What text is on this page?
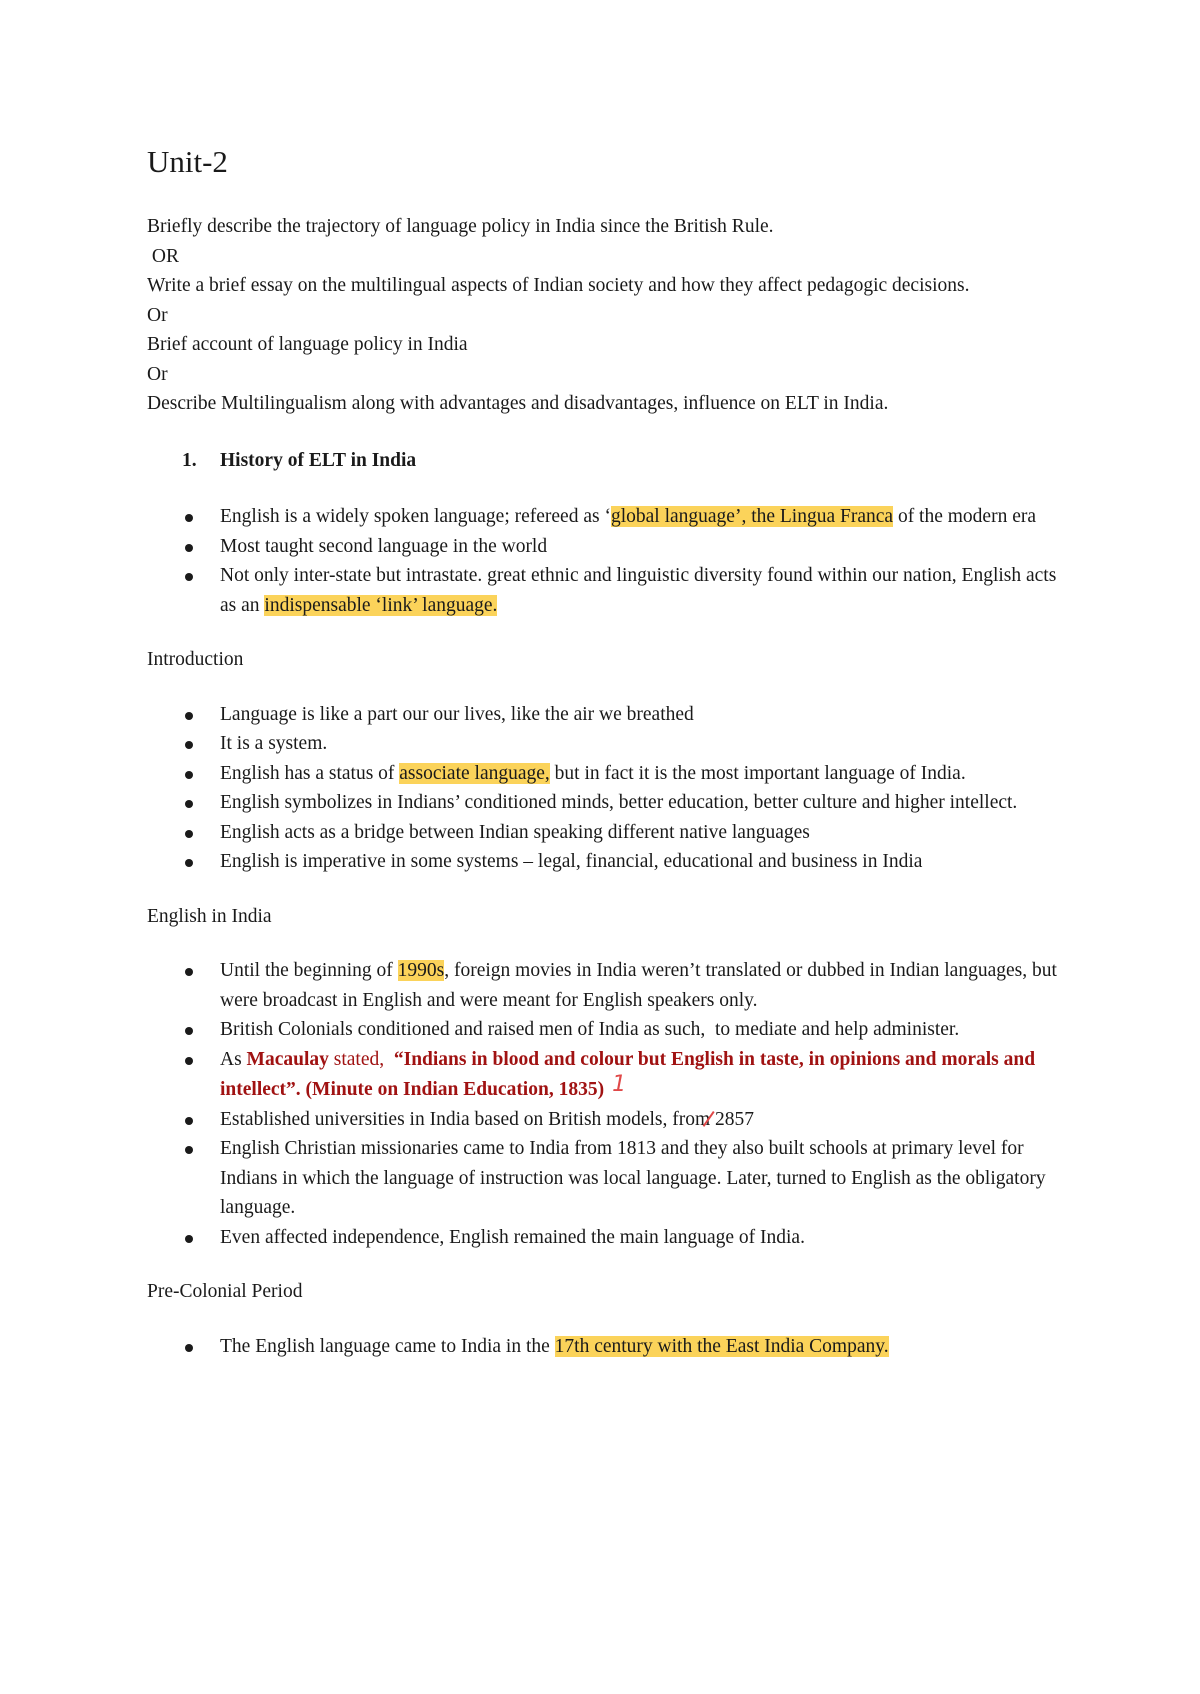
Unit-2

Briefly describe the trajectory of language policy in India since the British Rule.

OR

Write a brief essay on the multilingual aspects of Indian society and how they affect pedagogic decisions.

Or

Brief account of language policy in India

Or

Describe Multilingualism along with advantages and disadvantages, influence on ELT in India.

1.	History of ELT in India
English is a widely spoken language; refereed as ‘global language’, the Lingua Franca of the modern era
Most taught second language in the world
Not only inter-state but intrastate. great ethnic and linguistic diversity found within our nation, English acts as an indispensable ‘link’ language.

Introduction

Language is like a part our our lives, like the air we breathed
It is a system.
English has a status of associate language, but in fact it is the most important language of India.
English symbolizes in Indians’ conditioned minds, better education, better culture and higher intellect.
English acts as a bridge between Indian speaking different native languages
English is imperative in some systems – legal, financial, educational and business in India

English in India

Until the beginning of 1990s, foreign movies in India weren’t translated or dubbed in Indian languages, but were broadcast in English and were meant for English speakers only.
British Colonials conditioned and raised men of India as such,  to mediate and help administer.
As Macaulay stated,  “Indians in blood and colour but English in taste, in opinions and morals and intellect”. (Minute on Indian Education, 1835) 1
Established universities in India based on British models, from 2857
English Christian missionaries came to India from 1813 and they also built schools at primary level for Indians in which the language of instruction was local language. Later, turned to English as the obligatory language.
Even affected independence, English remained the main language of India.

Pre-Colonial Period

The English language came to India in the 17th century with the East India Company.
